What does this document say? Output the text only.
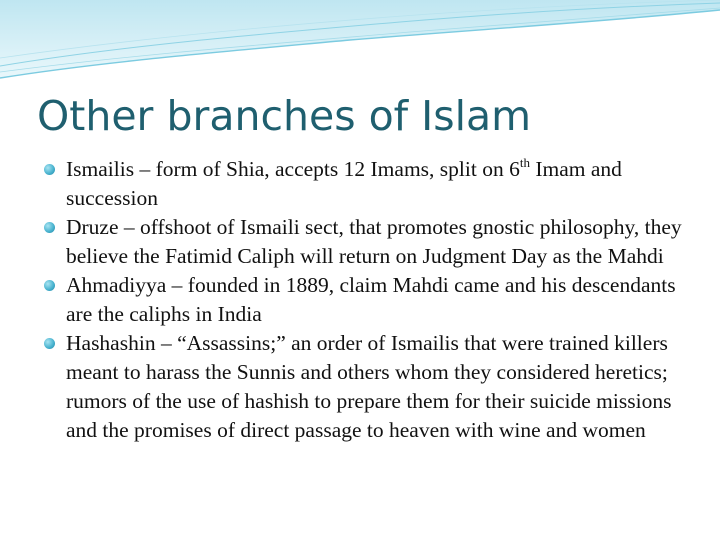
Other branches of Islam
Ismailis – form of Shia, accepts 12 Imams, split on 6th Imam and succession
Druze – offshoot of Ismaili sect, that promotes gnostic philosophy, they believe the Fatimid Caliph will return on Judgment Day as the Mahdi
Ahmadiyya – founded in 1889, claim Mahdi came and his descendants are the caliphs in India
Hashashin – “Assassins;” an order of Ismailis that were trained killers meant to harass the Sunnis and others whom they considered heretics; rumors of the use of hashish to prepare them for their suicide missions and the promises of direct passage to heaven with wine and women
